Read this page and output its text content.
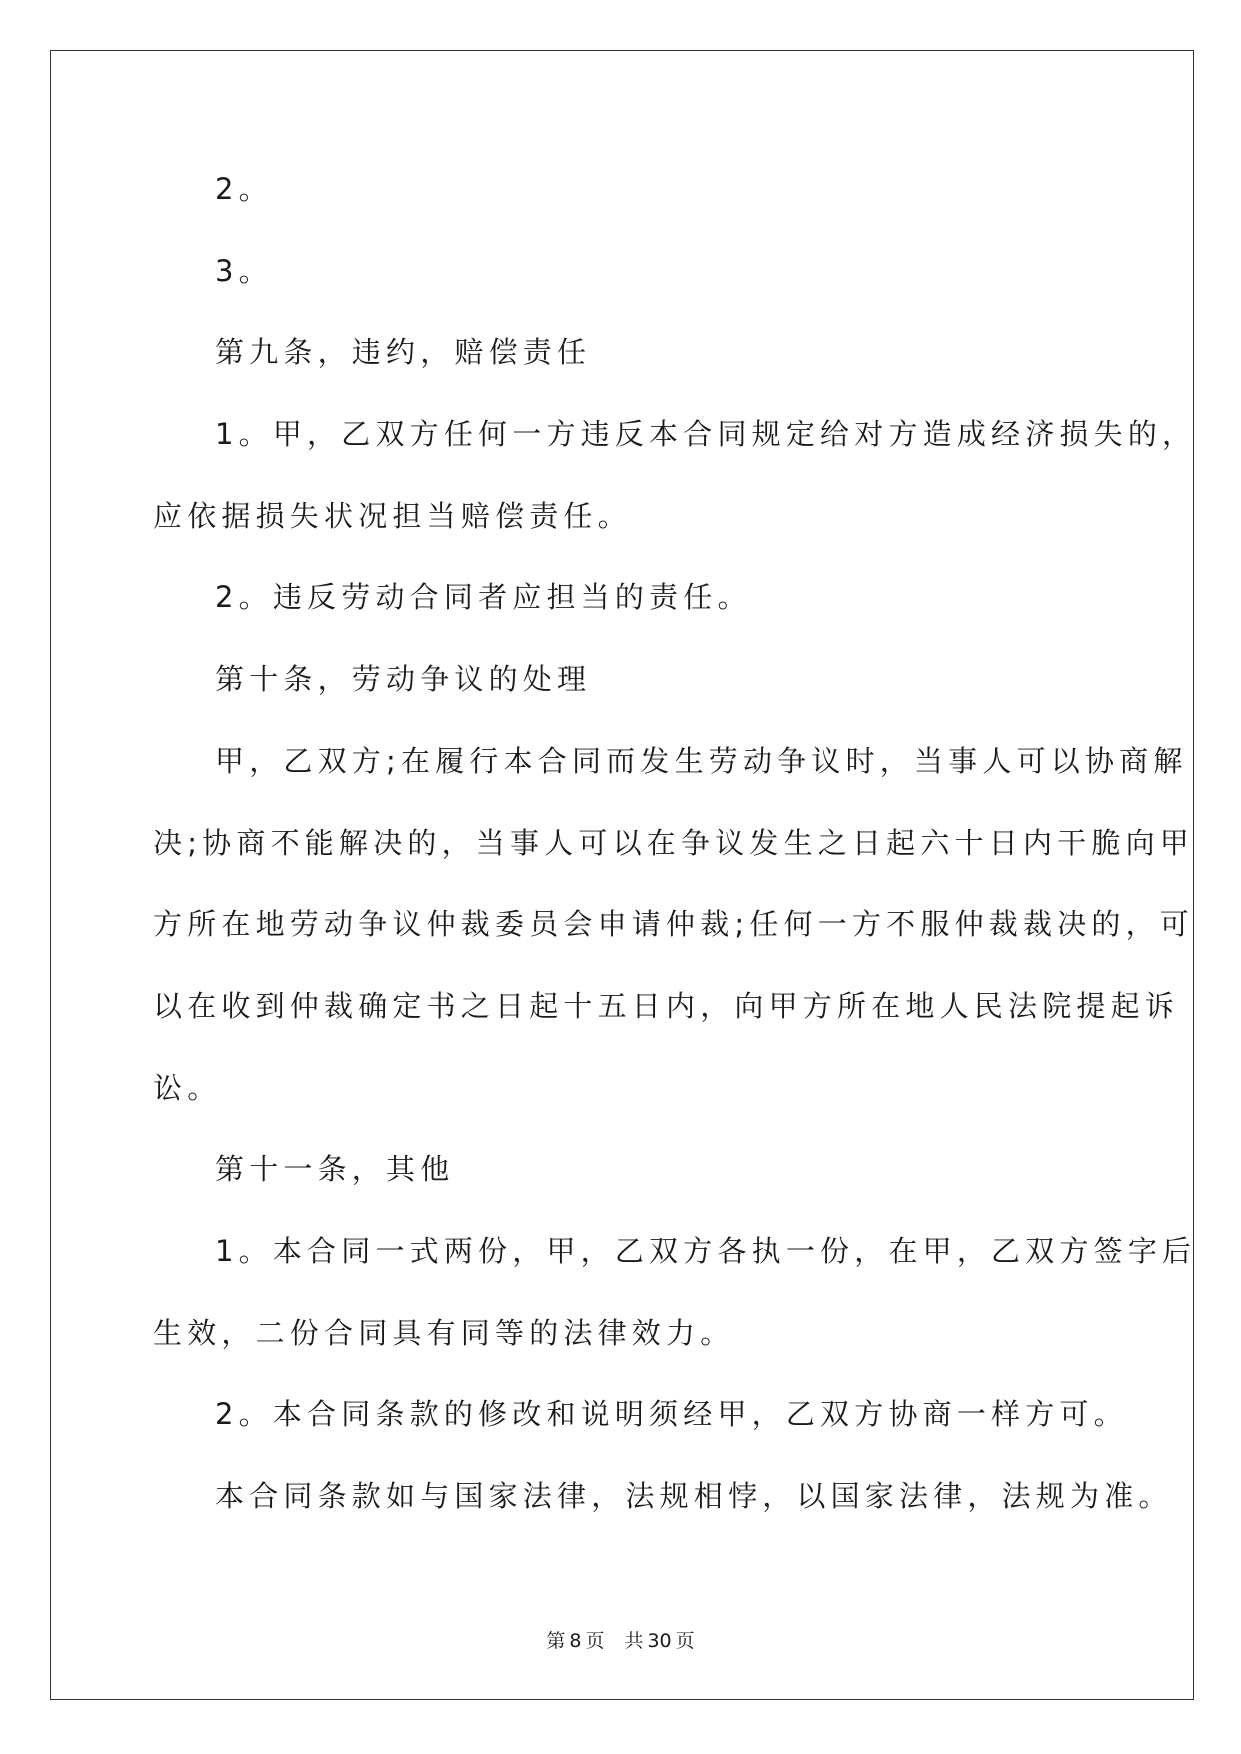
2。
3。
第九条，违约，赔偿责任
1。甲，乙双方任何一方违反本合同规定给对方造成经济损失的，
应依据损失状况担当赔偿责任。
2。违反劳动合同者应担当的责任。
第十条，劳动争议的处理
甲，乙双方;在履行本合同而发生劳动争议时，当事人可以协商解
决;协商不能解决的，当事人可以在争议发生之日起六十日内干脆向甲
方所在地劳动争议仲裁委员会申请仲裁;任何一方不服仲裁裁决的，可
以在收到仲裁确定书之日起十五日内，向甲方所在地人民法院提起诉
讼。
第十一条，其他
1。本合同一式两份，甲，乙双方各执一份，在甲，乙双方签字后
生效，二份合同具有同等的法律效力。
2。本合同条款的修改和说明须经甲，乙双方协商一样方可。
本合同条款如与国家法律，法规相悖，以国家法律，法规为准。
第 8 页 共 30 页
